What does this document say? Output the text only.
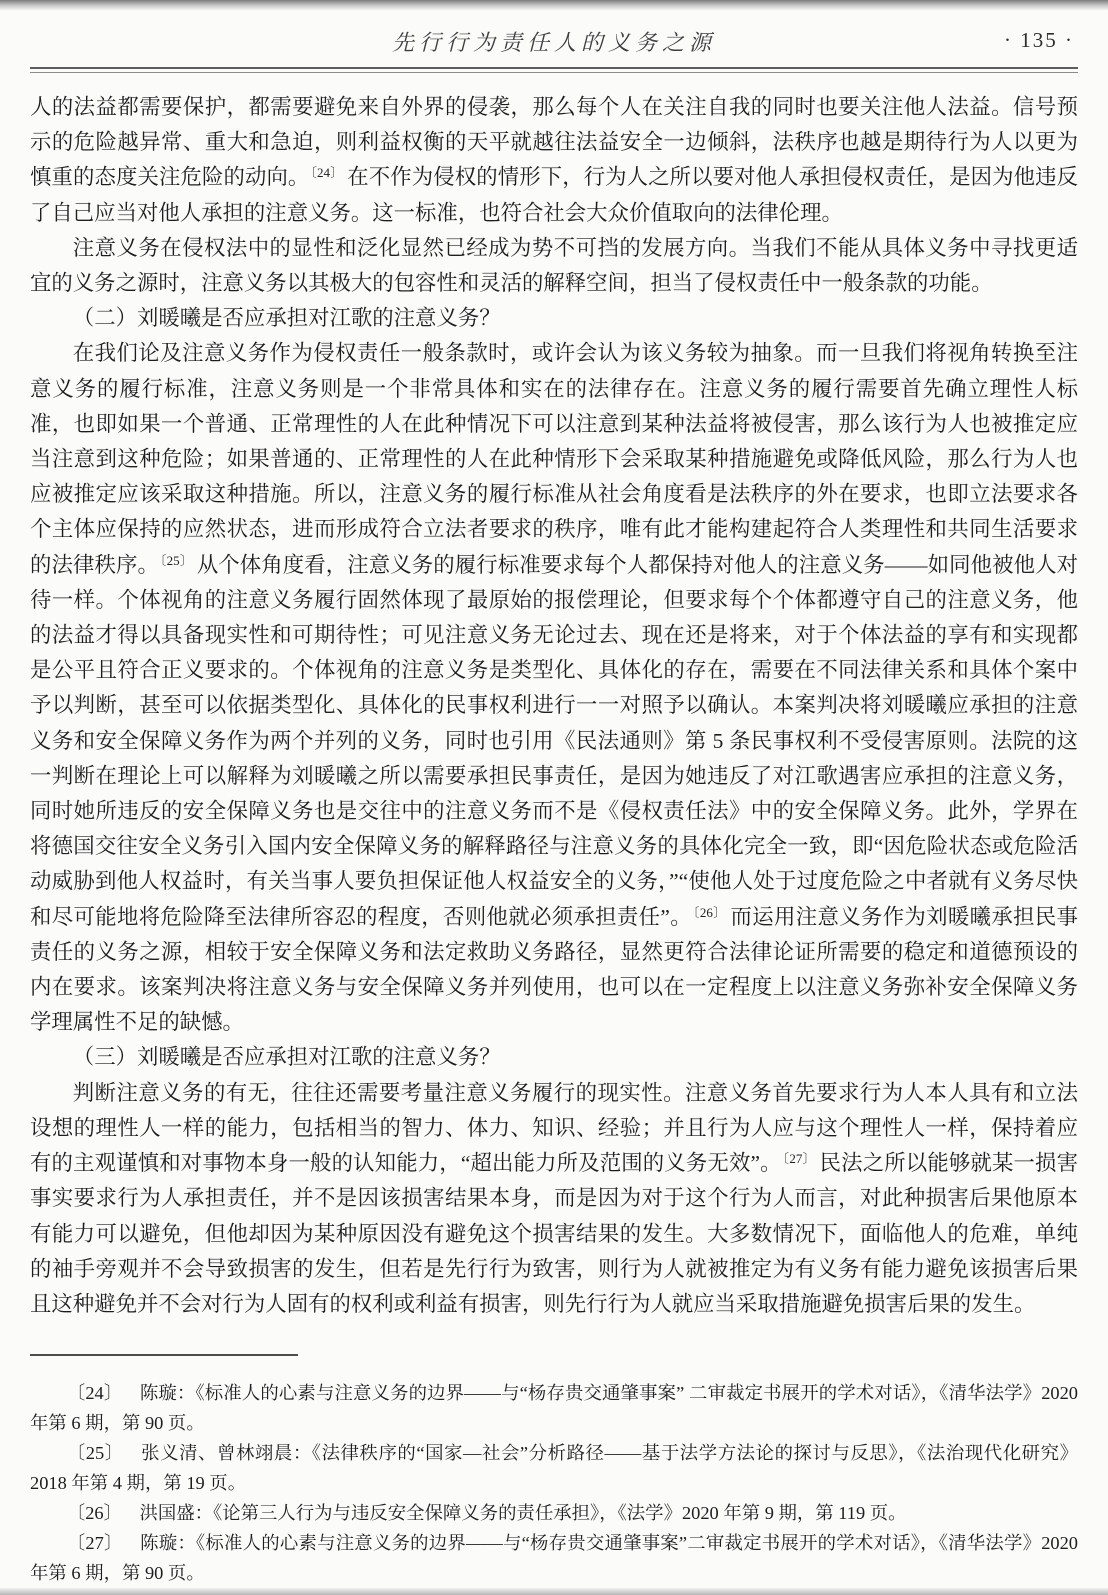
先行行为责任人的义务之源	· 135 ·

人的法益都需要保护，都需要避免来自外界的侵袭，那么每个人在关注自我的同时也要关注他人法益。信号预示的危险越异常、重大和急迫，则利益权衡的天平就越往法益安全一边倾斜，法秩序也越是期待行为人以更为慎重的态度关注危险的动向。$^{〔24〕}$ 在不作为侵权的情形下，行为人之所以要对他人承担侵权责任，是因为他违反了自己应当对他人承担的注意义务。这一标准，也符合社会大众价值取向的法律伦理。

注意义务在侵权法中的显性和泛化显然已经成为势不可挡的发展方向。当我们不能从具体义务中寻找更适宜的义务之源时，注意义务以其极大的包容性和灵活的解释空间，担当了侵权责任中一般条款的功能。

（二）刘暖曦是否应承担对江歌的注意义务？

在我们论及注意义务作为侵权责任一般条款时，或许会认为该义务较为抽象。而一旦我们将视角转换至注意义务的履行标准，注意义务则是一个非常具体和实在的法律存在。注意义务的履行需要首先确立理性人标准，也即如果一个普通、正常理性的人在此种情况下可以注意到某种法益将被侵害，那么该行为人也被推定应当注意到这种危险；如果普通的、正常理性的人在此种情形下会采取某种措施避免或降低风险，那么行为人也应被推定应该采取这种措施。所以，注意义务的履行标准从社会角度看是法秩序的外在要求，也即立法要求各个主体应保持的应然状态，进而形成符合立法者要求的秩序，唯有此才能构建起符合人类理性和共同生活要求的法律秩序。$^{〔25〕}$ 从个体角度看，注意义务的履行标准要求每个人都保持对他人的注意义务——如同他被他人对待一样。个体视角的注意义务履行固然体现了最原始的报偿理论，但要求每个个体都遵守自己的注意义务，他的法益才得以具备现实性和可期待性；可见注意义务无论过去、现在还是将来，对于个体法益的享有和实现都是公平且符合正义要求的。个体视角的注意义务是类型化、具体化的存在，需要在不同法律关系和具体个案中予以判断，甚至可以依据类型化、具体化的民事权利进行一一对照予以确认。本案判决将刘暖曦应承担的注意义务和安全保障义务作为两个并列的义务，同时也引用《民法通则》第 5 条民事权利不受侵害原则。法院的这一判断在理论上可以解释为刘暖曦之所以需要承担民事责任，是因为她违反了对江歌遇害应承担的注意义务，同时她所违反的安全保障义务也是交往中的注意义务而不是《侵权责任法》中的安全保障义务。此外，学界在将德国交往安全义务引入国内安全保障义务的解释路径与注意义务的具体化完全一致，即“因危险状态或危险活动威胁到他人权益时，有关当事人要负担保证他人权益安全的义务，”“使他人处于过度危险之中者就有义务尽快和尽可能地将危险降至法律所容忍的程度，否则他就必须承担责任”。$^{〔26〕}$ 而运用注意义务作为刘暖曦承担民事责任的义务之源，相较于安全保障义务和法定救助义务路径，显然更符合法律论证所需要的稳定和道德预设的内在要求。该案判决将注意义务与安全保障义务并列使用，也可以在一定程度上以注意义务弥补安全保障义务学理属性不足的缺憾。

（三）刘暖曦是否应承担对江歌的注意义务？

判断注意义务的有无，往往还需要考量注意义务履行的现实性。注意义务首先要求行为人本人具有和立法设想的理性人一样的能力，包括相当的智力、体力、知识、经验；并且行为人应与这个理性人一样，保持着应有的主观谨慎和对事物本身一般的认知能力，“超出能力所及范围的义务无效”。$^{〔27〕}$ 民法之所以能够就某一损害事实要求行为人承担责任，并不是因该损害结果本身，而是因为对于这个行为人而言，对此种损害后果他原本有能力可以避免，但他却因为某种原因没有避免这个损害结果的发生。大多数情况下，面临他人的危难，单纯的袖手旁观并不会导致损害的发生，但若是先行行为致害，则行为人就被推定为有义务有能力避免该损害后果且这种避免并不会对行为人固有的权利或利益有损害，则先行行为人就应当采取措施避免损害后果的发生。

〔24〕 陈璇：《标准人的心素与注意义务的边界——与“杨存贵交通肇事案” 二审裁定书展开的学术对话》，《清华法学》2020 年第 6 期，第 90 页。

〔25〕 张义清、曾林翊晨：《法律秩序的“国家—社会”分析路径——基于法学方法论的探讨与反思》，《法治现代化研究》2018 年第 4 期，第 19 页。

〔26〕 洪国盛：《论第三人行为与违反安全保障义务的责任承担》，《法学》2020 年第 9 期，第 119 页。

〔27〕 陈璇：《标准人的心素与注意义务的边界——与“杨存贵交通肇事案”二审裁定书展开的学术对话》，《清华法学》2020 年第 6 期，第 90 页。
